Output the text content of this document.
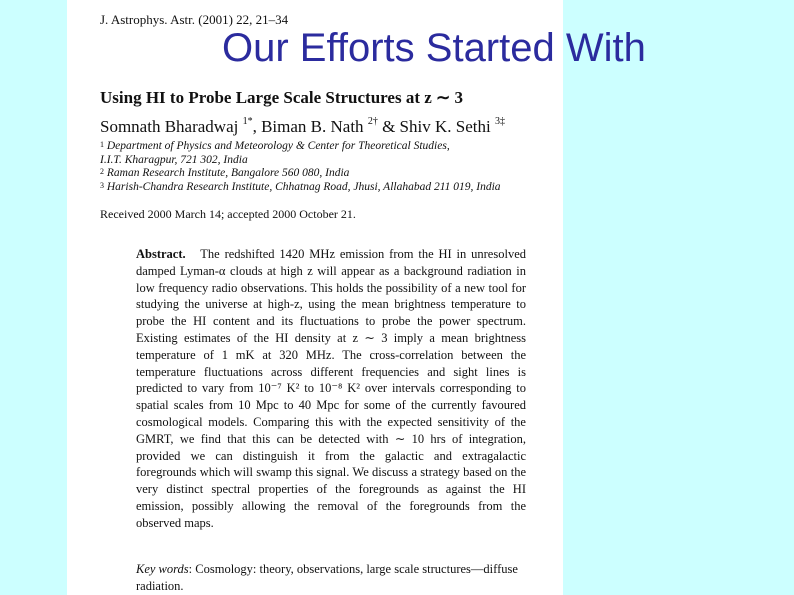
J. Astrophys. Astr. (2001) 22, 21–34
Our Efforts Started With
Using HI to Probe Large Scale Structures at z ∼ 3
Somnath Bharadwaj $^{1*}$, Biman B. Nath $^{2\dagger}$ & Shiv K. Sethi $^{3\ddagger}$
$^1$ Department of Physics and Meteorology & Center for Theoretical Studies,
I.I.T. Kharagpur, 721 302, India
$^2$ Raman Research Institute, Bangalore 560 080, India
$^3$ Harish-Chandra Research Institute, Chhatnag Road, Jhusi, Allahabad 211 019, India
Received 2000 March 14; accepted 2000 October 21.
Abstract. The redshifted 1420 MHz emission from the HI in unresolved damped Lyman-α clouds at high z will appear as a background radiation in low frequency radio observations. This holds the possibility of a new tool for studying the universe at high-z, using the mean brightness temperature to probe the HI content and its fluctuations to probe the power spectrum. Existing estimates of the HI density at z ∼ 3 imply a mean brightness temperature of 1 mK at 320 MHz. The cross-correlation between the temperature fluctuations across different frequencies and sight lines is predicted to vary from 10⁻⁷ K² to 10⁻⁸ K² over intervals corresponding to spatial scales from 10 Mpc to 40 Mpc for some of the currently favoured cosmological models. Comparing this with the expected sensitivity of the GMRT, we find that this can be detected with ∼ 10 hrs of integration, provided we can distinguish it from the galactic and extragalactic foregrounds which will swamp this signal. We discuss a strategy based on the very distinct spectral properties of the foregrounds as against the HI emission, possibly allowing the removal of the foregrounds from the observed maps.
Key words: Cosmology: theory, observations, large scale structures—diffuse radiation.
